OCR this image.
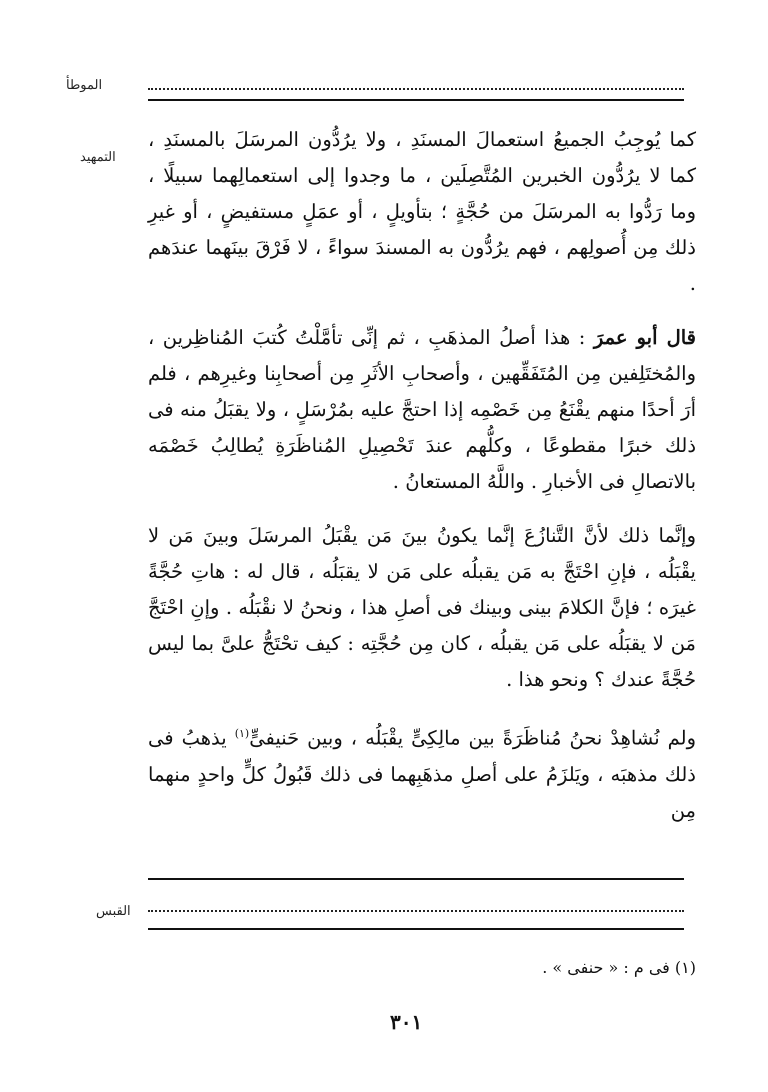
الموطأ
التمهيد

كما يُوجِبُ الجميعُ استعمالَ المسنَدِ ، ولا يرُدُّون المرسَلَ بالمسنَدِ ، كما لا يرُدُّون الخبرين المُتَّصِلَين ، ما وجدوا إلى استعمالِهما سبيلًا ، وما رَدُّوا به المرسَلَ من حُجَّةٍ ؛ بتأويلٍ ، أو عمَلٍ مستفيضٍ ، أو غيرِ ذلك مِن أُصولِهم ، فهم يرُدُّون به المسندَ سواءً ، لا فَرْقَ بينَهما عندَهم .

قال أبو عمرَ : هذا أصلُ المذهَبِ ، ثم إنِّى تأمَّلْتُ كُتبَ المُناظِرين ، والمُختَلِفين مِن المُتَفَقِّهين ، وأصحابِ الأثَرِ مِن أصحابِنا وغيرِهم ، فلم أرَ أحدًا منهم يقْنَعُ مِن خَصْمِه إذا احتجَّ عليه بمُرْسَلٍ ، ولا يقبَلُ منه فى ذلك خبرًا مقطوعًا ، وكلُّهم عندَ تَحْصِيلِ المُناظَرَةِ يُطالِبُ خَصْمَه بالاتصالِ فى الأخبارِ . واللَّهُ المستعانُ .

وإنَّما ذلك لأنَّ التَّنازُعَ إنَّما يكونُ بينَ مَن يقْبَلُ المرسَلَ وبينَ مَن لا يقْبَلُه ، فإنِ احْتَجَّ به مَن يقبلُه على مَن لا يقبَلُه ، قال له : هاتِ حُجَّةً غيرَه ؛ فإنَّ الكلامَ بينى وبينك فى أصلِ هذا ، ونحنُ لا نقْبَلُه . وإنِ احْتَجَّ مَن لا يقبَلُه على مَن يقبلُه ، كان مِن حُجَّتِه : كيف تحْتَجُّ علىَّ بما ليس حُجَّةً عندك ؟ ونحو هذا .

ولم نُشاهِدْ نحنُ مُناظَرَةً بين مالِكِىٍّ يقْبَلُه ، وبين حَنيفىٍّ$^{(١)}$ يذهبُ فى ذلك مذهبَه ، ويَلزَمُ على أصلِ مذهَبِهما فى ذلك قَبُولُ كلٍّ واحدٍ منهما مِن

القبس
(١) فى م : « حنفى » .
٣٠١
